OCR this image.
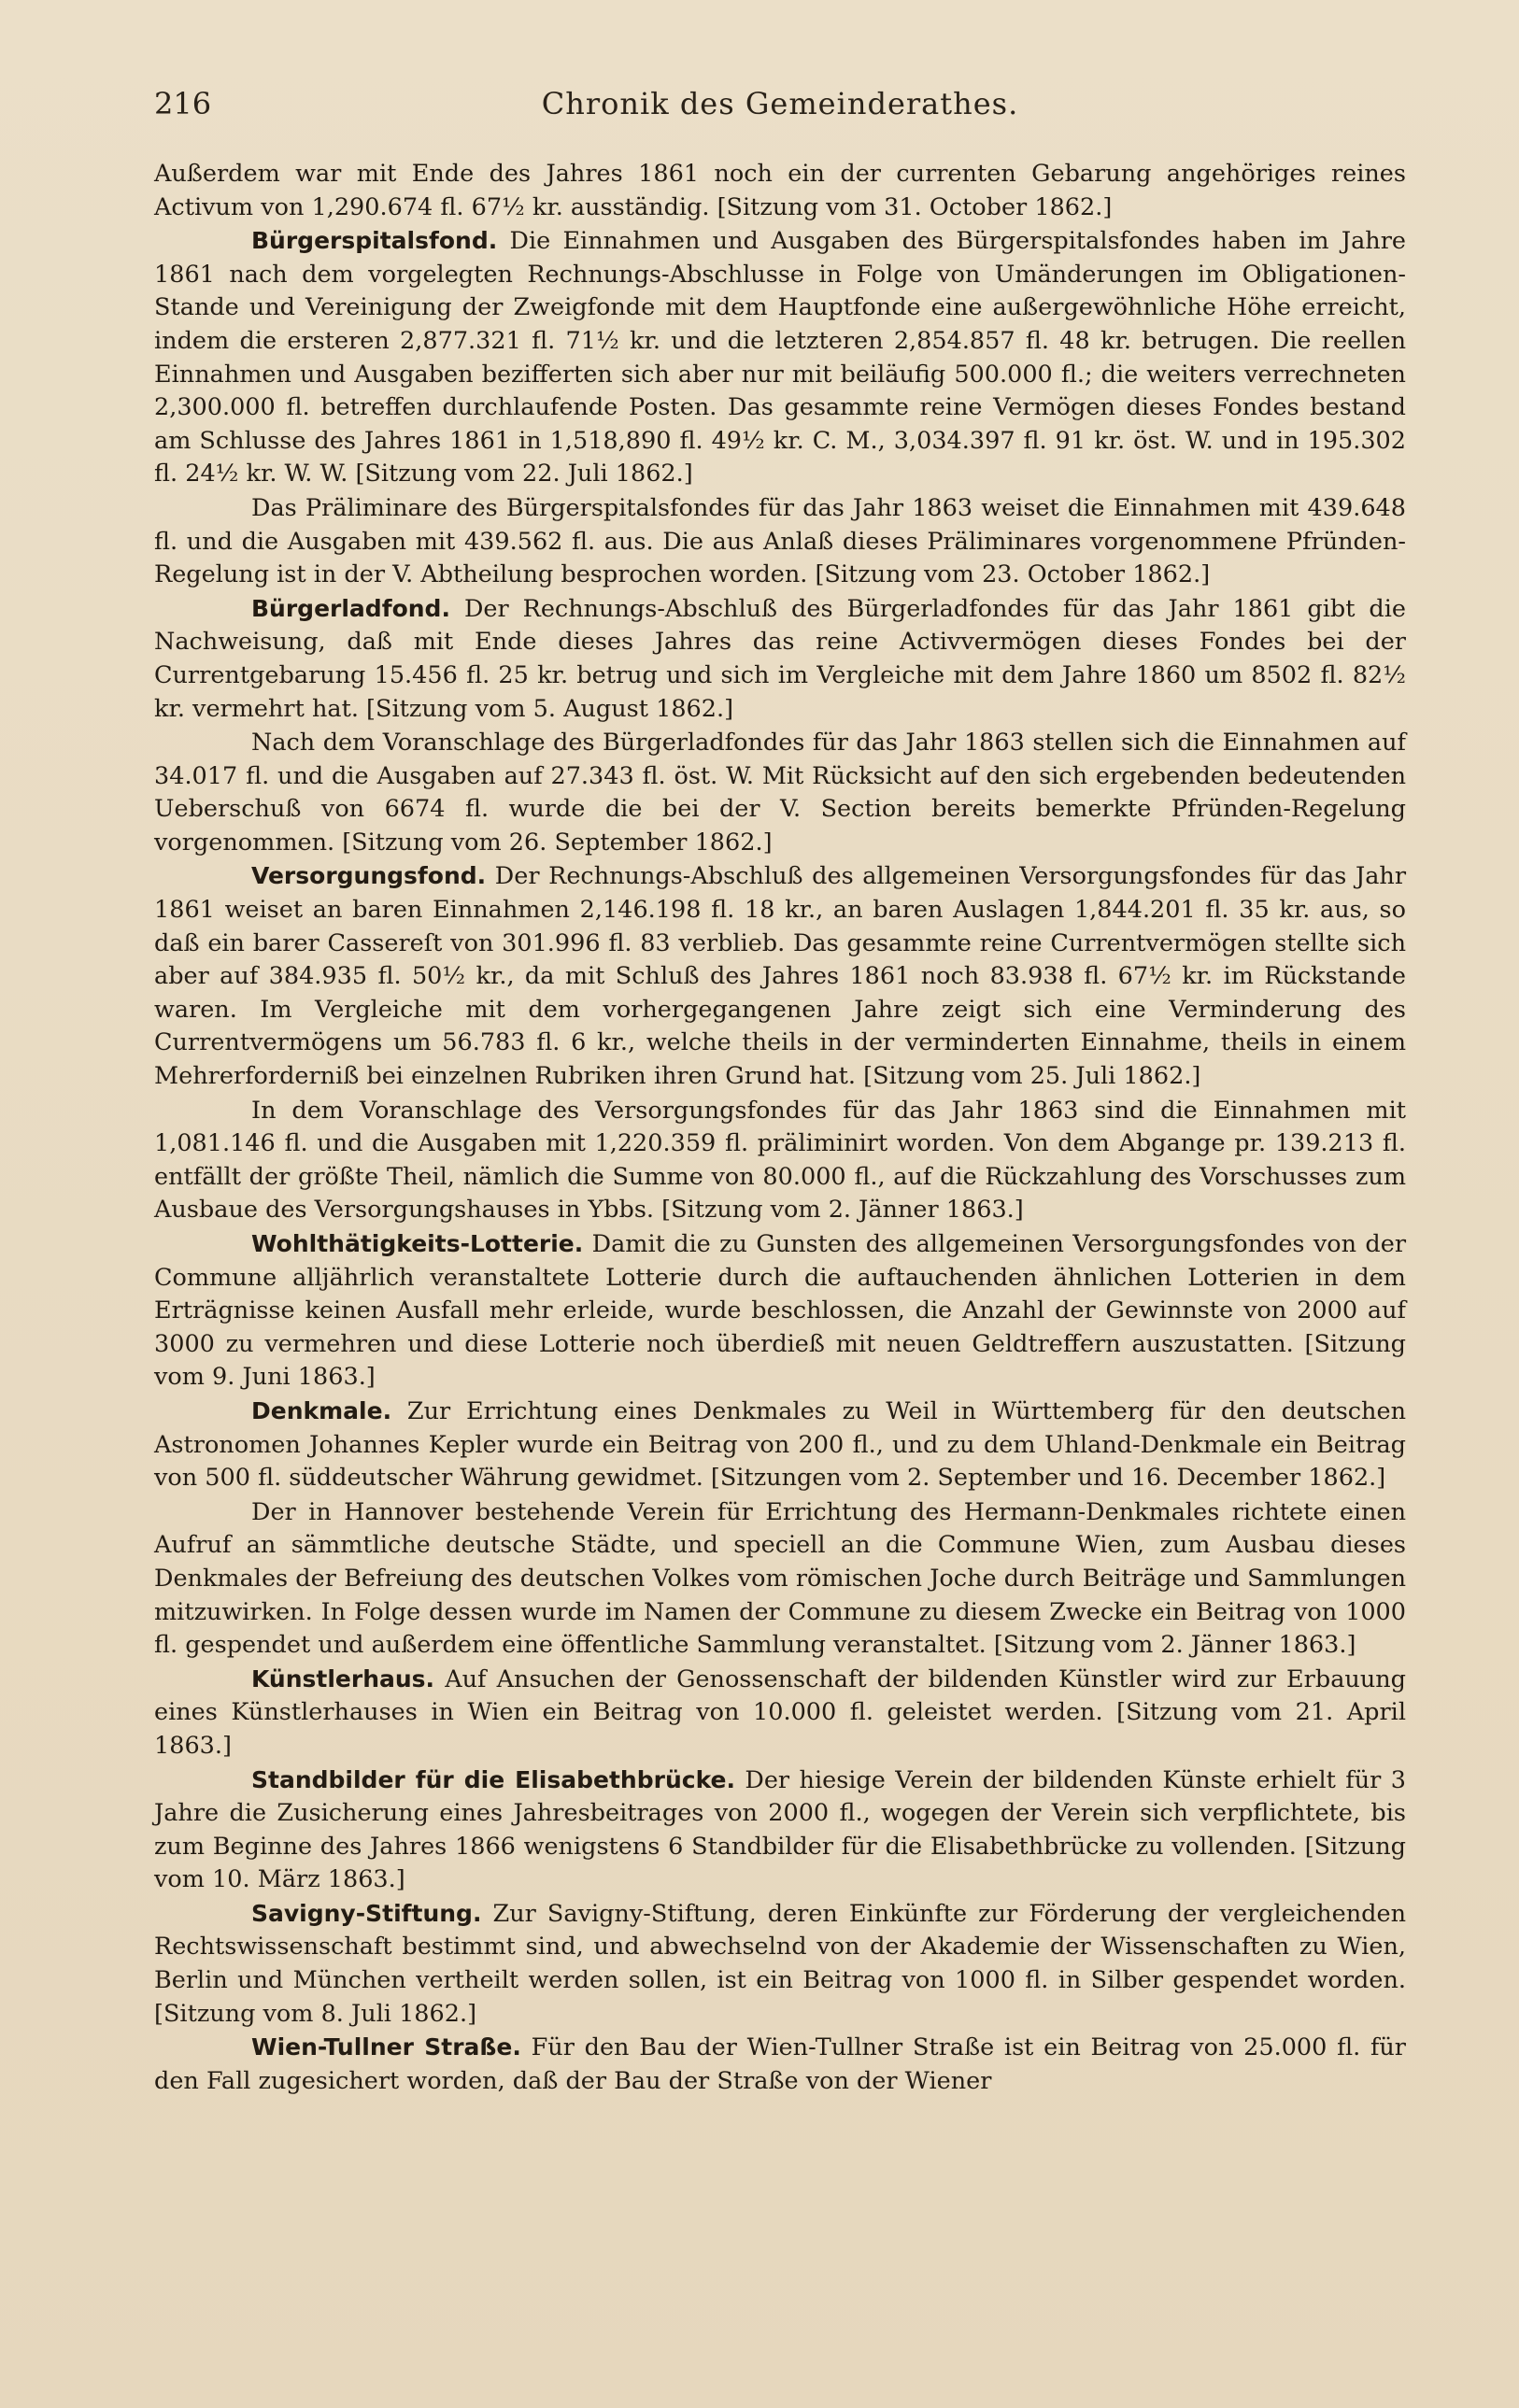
216	Chronik des Gemeinderathes.

Außerdem war mit Ende des Jahres 1861 noch ein der currenten Gebarung angehöriges reines Activum von 1,290.674 fl. 67½ kr. ausständig. [Sitzung vom 31. October 1862.]

Bürgerspitalsfond. Die Einnahmen und Ausgaben des Bürgerspitalsfondes haben im Jahre 1861 nach dem vorgelegten Rechnungs-Abschlusse in Folge von Umänderungen im Obligationen-Stande und Vereinigung der Zweigfonde mit dem Hauptfonde eine außergewöhnliche Höhe erreicht, indem die ersteren 2,877.321 fl. 71½ kr. und die letzteren 2,854.857 fl. 48 kr. betrugen. Die reellen Einnahmen und Ausgaben bezifferten sich aber nur mit beiläufig 500.000 fl.; die weiters verrechneten 2,300.000 fl. betreffen durchlaufende Posten. Das gesammte reine Vermögen dieses Fondes bestand am Schlusse des Jahres 1861 in 1,518,890 fl. 49½ kr. C. M., 3,034.397 fl. 91 kr. öst. W. und in 195.302 fl. 24½ kr. W. W. [Sitzung vom 22. Juli 1862.]

Das Präliminare des Bürgerspitalsfondes für das Jahr 1863 weiset die Einnahmen mit 439.648 fl. und die Ausgaben mit 439.562 fl. aus. Die aus Anlaß dieses Präliminares vorgenommene Pfründen-Regelung ist in der V. Abtheilung besprochen worden. [Sitzung vom 23. October 1862.]

Bürgerladfond. Der Rechnungs-Abschluß des Bürgerladfondes für das Jahr 1861 gibt die Nachweisung, daß mit Ende dieses Jahres das reine Activvermögen dieses Fondes bei der Currentgebarung 15.456 fl. 25 kr. betrug und sich im Vergleiche mit dem Jahre 1860 um 8502 fl. 82½ kr. vermehrt hat. [Sitzung vom 5. August 1862.]

Nach dem Voranschlage des Bürgerladfondes für das Jahr 1863 stellen sich die Einnahmen auf 34.017 fl. und die Ausgaben auf 27.343 fl. öst. W. Mit Rücksicht auf den sich ergebenden bedeutenden Ueberschuß von 6674 fl. wurde die bei der V. Section bereits bemerkte Pfründen-Regelung vorgenommen. [Sitzung vom 26. September 1862.]

Versorgungsfond. Der Rechnungs-Abschluß des allgemeinen Versorgungsfondes für das Jahr 1861 weiset an baren Einnahmen 2,146.198 fl. 18 kr., an baren Auslagen 1,844.201 fl. 35 kr. aus, so daß ein barer Cassereſt von 301.996 fl. 83 verblieb. Das gesammte reine Currentvermögen stellte sich aber auf 384.935 fl. 50½ kr., da mit Schluß des Jahres 1861 noch 83.938 fl. 67½ kr. im Rückstande waren. Im Vergleiche mit dem vorhergegangenen Jahre zeigt sich eine Verminderung des Currentvermögens um 56.783 fl. 6 kr., welche theils in der verminderten Einnahme, theils in einem Mehrerforderniß bei einzelnen Rubriken ihren Grund hat. [Sitzung vom 25. Juli 1862.]

In dem Voranschlage des Versorgungsfondes für das Jahr 1863 sind die Einnahmen mit 1,081.146 fl. und die Ausgaben mit 1,220.359 fl. präliminirt worden. Von dem Abgange pr. 139.213 fl. entfällt der größte Theil, nämlich die Summe von 80.000 fl., auf die Rückzahlung des Vorschusses zum Ausbaue des Versorgungshauses in Ybbs. [Sitzung vom 2. Jänner 1863.]

Wohlthätigkeits-Lotterie. Damit die zu Gunsten des allgemeinen Versorgungsfondes von der Commune alljährlich veranstaltete Lotterie durch die auftauchenden ähnlichen Lotterien in dem Erträgnisse keinen Ausfall mehr erleide, wurde beschlossen, die Anzahl der Gewinnste von 2000 auf 3000 zu vermehren und diese Lotterie noch überdieß mit neuen Geldtreffern auszustatten. [Sitzung vom 9. Juni 1863.]

Denkmale. Zur Errichtung eines Denkmales zu Weil in Württemberg für den deutschen Astronomen Johannes Kepler wurde ein Beitrag von 200 fl., und zu dem Uhland-Denkmale ein Beitrag von 500 fl. süddeutscher Währung gewidmet. [Sitzungen vom 2. September und 16. December 1862.]

Der in Hannover bestehende Verein für Errichtung des Hermann-Denkmales richtete einen Aufruf an sämmtliche deutsche Städte, und speciell an die Commune Wien, zum Ausbau dieses Denkmales der Befreiung des deutschen Volkes vom römischen Joche durch Beiträge und Sammlungen mitzuwirken. In Folge dessen wurde im Namen der Commune zu diesem Zwecke ein Beitrag von 1000 fl. gespendet und außerdem eine öffentliche Sammlung veranstaltet. [Sitzung vom 2. Jänner 1863.]

Künstlerhaus. Auf Ansuchen der Genossenschaft der bildenden Künstler wird zur Erbauung eines Künstlerhauses in Wien ein Beitrag von 10.000 fl. geleistet werden. [Sitzung vom 21. April 1863.]

Standbilder für die Elisabethbrücke. Der hiesige Verein der bildenden Künste erhielt für 3 Jahre die Zusicherung eines Jahresbeitrages von 2000 fl., wogegen der Verein sich verpflichtete, bis zum Beginne des Jahres 1866 wenigstens 6 Standbilder für die Elisabethbrücke zu vollenden. [Sitzung vom 10. März 1863.]

Savigny-Stiftung. Zur Savigny-Stiftung, deren Einkünfte zur Förderung der vergleichenden Rechtswissenschaft bestimmt sind, und abwechselnd von der Akademie der Wissenschaften zu Wien, Berlin und München vertheilt werden sollen, ist ein Beitrag von 1000 fl. in Silber gespendet worden. [Sitzung vom 8. Juli 1862.]

Wien-Tullner Straße. Für den Bau der Wien-Tullner Straße ist ein Beitrag von 25.000 fl. für den Fall zugesichert worden, daß der Bau der Straße von der Wiener
